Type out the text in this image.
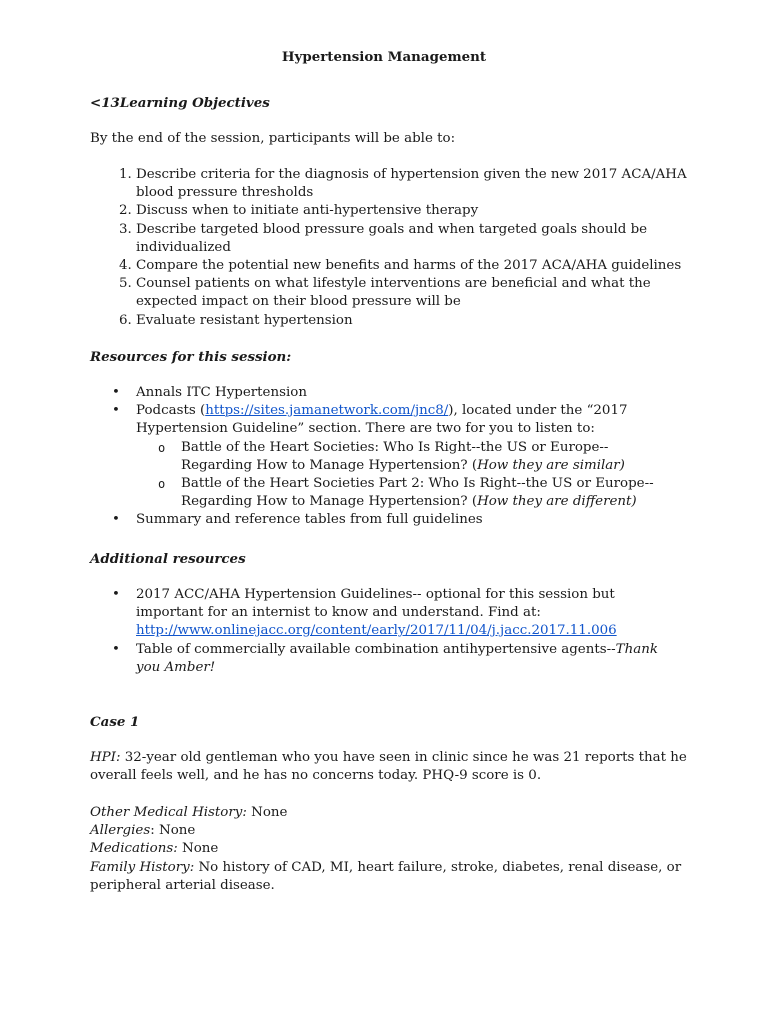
Hypertension Management

<13Learning Objectives

By the end of the session, participants will be able to:

1. Describe criteria for the diagnosis of hypertension given the new 2017 ACA/AHA blood pressure thresholds
2. Discuss when to initiate anti-hypertensive therapy
3. Describe targeted blood pressure goals and when targeted goals should be individualized
4. Compare the potential new benefits and harms of the 2017 ACA/AHA guidelines
5. Counsel patients on what lifestyle interventions are beneficial and what the expected impact on their blood pressure will be
6. Evaluate resistant hypertension

Resources for this session:

• Annals ITC Hypertension
• Podcasts (https://sites.jamanetwork.com/jnc8/), located under the “2017 Hypertension Guideline” section. There are two for you to listen to:
o Battle of the Heart Societies: Who Is Right--the US or Europe--Regarding How to Manage Hypertension? (How they are similar)
o Battle of the Heart Societies Part 2: Who Is Right--the US or Europe--Regarding How to Manage Hypertension? (How they are different)
• Summary and reference tables from full guidelines

Additional resources

• 2017 ACC/AHA Hypertension Guidelines-- optional for this session but important for an internist to know and understand. Find at:
http://www.onlinejacc.org/content/early/2017/11/04/j.jacc.2017.11.006
• Table of commercially available combination antihypertensive agents--Thank you Amber!

Case 1

HPI: 32-year old gentleman who you have seen in clinic since he was 21 reports that he overall feels well, and he has no concerns today. PHQ-9 score is 0.

Other Medical History: None

Allergies: None

Medications: None

Family History: No history of CAD, MI, heart failure, stroke, diabetes, renal disease, or peripheral arterial disease.
